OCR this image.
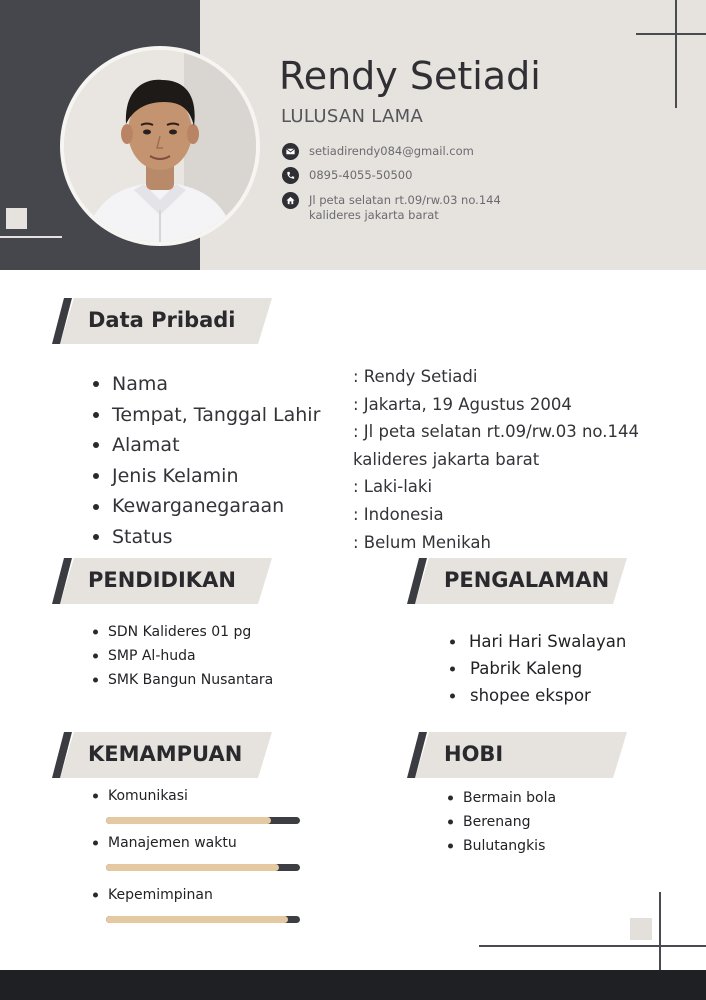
Rendy Setiadi
LULUSAN LAMA
setiadirendy084@gmail.com
0895-4055-50500
Jl peta selatan rt.09/rw.03 no.144
kalideres jakarta barat
Data Pribadi
Nama
Tempat, Tanggal Lahir
Alamat
Jenis Kelamin
Kewarganegaraan
Status
: Rendy Setiadi
: Jakarta, 19 Agustus 2004
: Jl peta selatan rt.09/rw.03 no.144
kalideres jakarta barat
: Laki-laki
: Indonesia
: Belum Menikah
PENDIDIKAN
SDN Kalideres 01 pg
SMP Al-huda
SMK Bangun Nusantara
PENGALAMAN
Hari Hari Swalayan
Pabrik Kaleng
shopee ekspor
KEMAMPUAN
Komunikasi
Manajemen waktu
Kepemimpinan
HOBI
Bermain bola
Berenang
Bulutangkis
